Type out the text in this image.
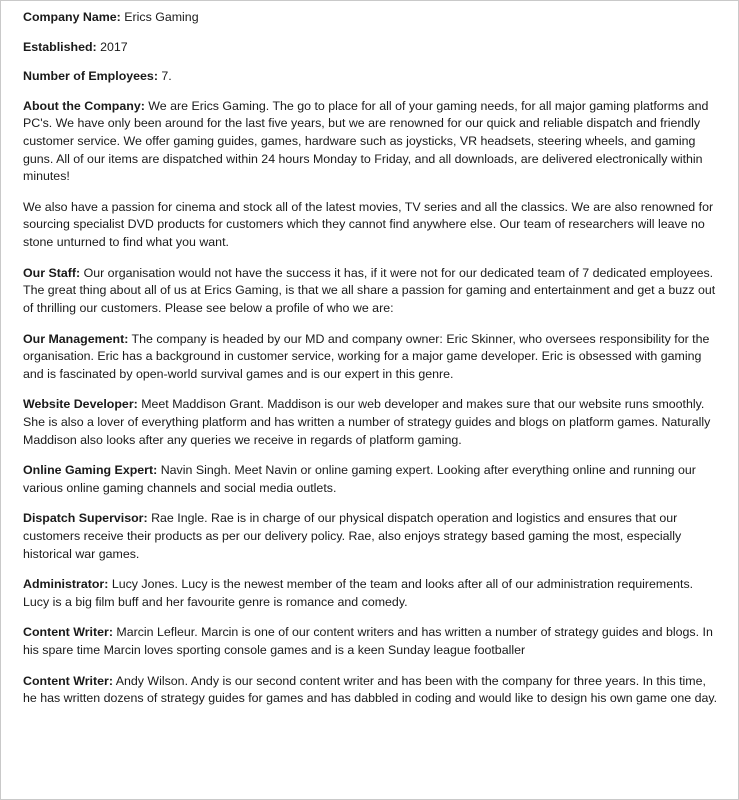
Company Name: Erics Gaming

Established: 2017

Number of Employees: 7.

About the Company: We are Erics Gaming. The go to place for all of your gaming needs, for all major gaming platforms and PC's. We have only been around for the last five years, but we are renowned for our quick and reliable dispatch and friendly customer service. We offer gaming guides, games, hardware such as joysticks, VR headsets, steering wheels, and gaming guns. All of our items are dispatched within 24 hours Monday to Friday, and all downloads, are delivered electronically within minutes!

We also have a passion for cinema and stock all of the latest movies, TV series and all the classics. We are also renowned for sourcing specialist DVD products for customers which they cannot find anywhere else. Our team of researchers will leave no stone unturned to find what you want.

Our Staff: Our organisation would not have the success it has, if it were not for our dedicated team of 7 dedicated employees. The great thing about all of us at Erics Gaming, is that we all share a passion for gaming and entertainment and get a buzz out of thrilling our customers. Please see below a profile of who we are:

Our Management: The company is headed by our MD and company owner: Eric Skinner, who oversees responsibility for the organisation. Eric has a background in customer service, working for a major game developer. Eric is obsessed with gaming and is fascinated by open-world survival games and is our expert in this genre.

Website Developer: Meet Maddison Grant. Maddison is our web developer and makes sure that our website runs smoothly. She is also a lover of everything platform and has written a number of strategy guides and blogs on platform games. Naturally Maddison also looks after any queries we receive in regards of platform gaming.

Online Gaming Expert: Navin Singh. Meet Navin or online gaming expert. Looking after everything online and running our various online gaming channels and social media outlets.

Dispatch Supervisor: Rae Ingle. Rae is in charge of our physical dispatch operation and logistics and ensures that our customers receive their products as per our delivery policy. Rae, also enjoys strategy based gaming the most, especially historical war games.

Administrator: Lucy Jones. Lucy is the newest member of the team and looks after all of our administration requirements. Lucy is a big film buff and her favourite genre is romance and comedy.

Content Writer: Marcin Lefleur. Marcin is one of our content writers and has written a number of strategy guides and blogs. In his spare time Marcin loves sporting console games and is a keen Sunday league footballer

Content Writer: Andy Wilson. Andy is our second content writer and has been with the company for three years. In this time, he has written dozens of strategy guides for games and has dabbled in coding and would like to design his own game one day.
